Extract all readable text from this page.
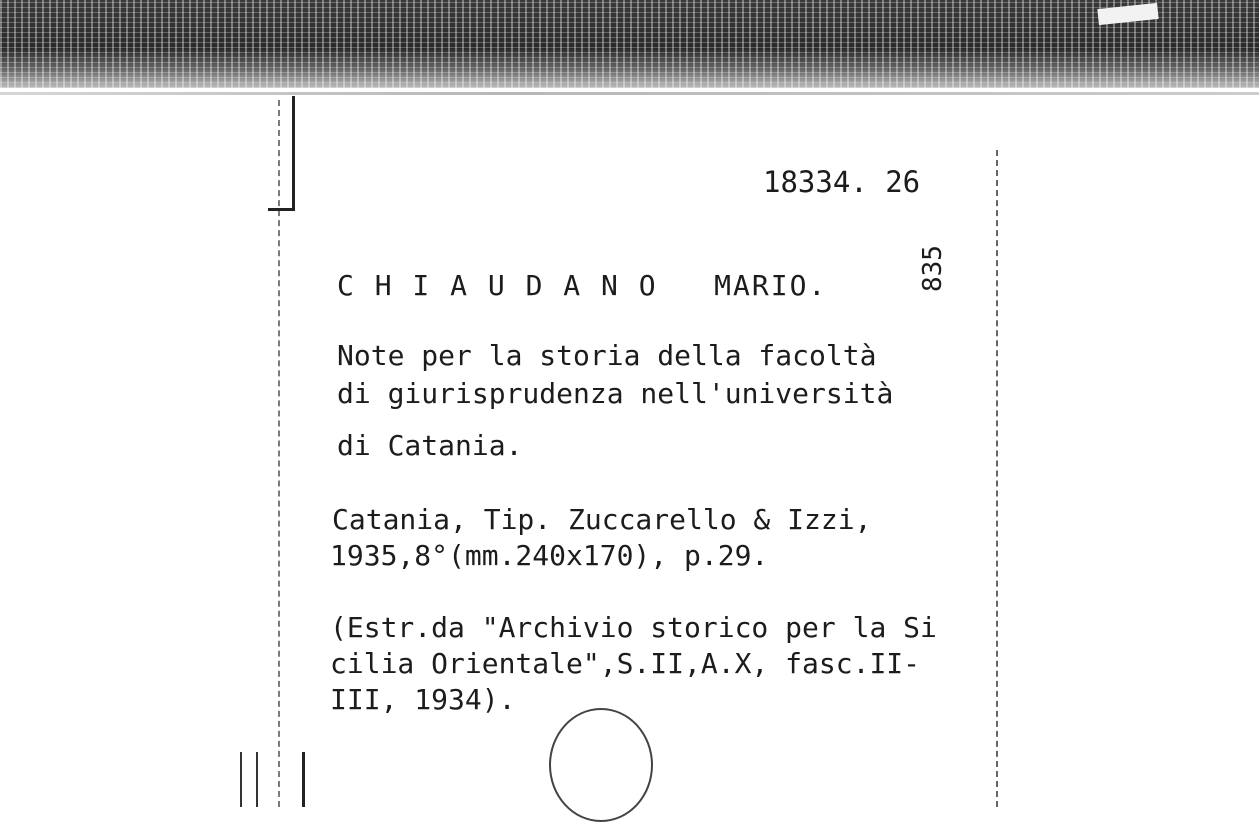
18334. 26
835
C H I A U D A N O   MARIO.
Note per la storia della facoltà
di giurisprudenza nell'università
di Catania.
Catania, Tip. Zuccarello & Izzi,
1935,8°(mm.240x170), p.29.
(Estr.da "Archivio storico per la Si
cilia Orientale",S.II,A.X, fasc.II-
III, 1934).
